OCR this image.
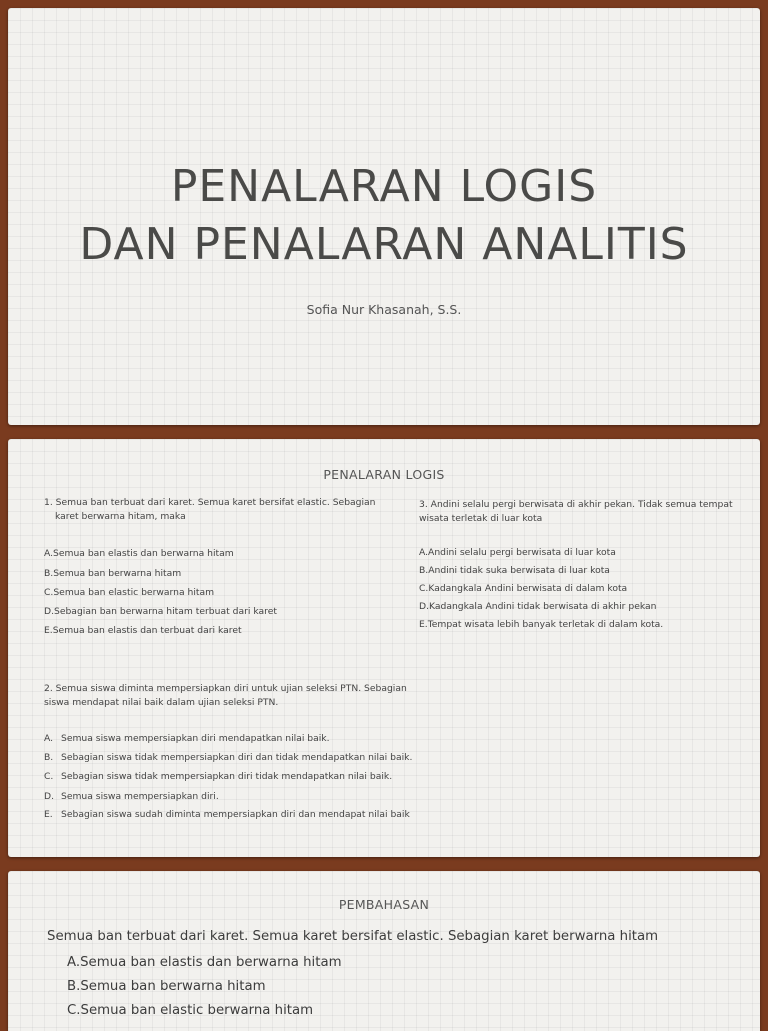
PENALARAN LOGIS
DAN PENALARAN ANALITIS
Sofia Nur Khasanah, S.S.
PENALARAN LOGIS
1. Semua ban terbuat dari karet. Semua karet bersifat elastic. Sebagian
karet berwarna hitam, maka
A.Semua ban elastis dan berwarna hitam
B.Semua ban berwarna hitam
C.Semua ban elastic berwarna hitam
D.Sebagian ban berwarna hitam terbuat dari karet
E.Semua ban elastis dan terbuat dari karet
3. Andini selalu pergi berwisata di akhir pekan. Tidak semua tempat
wisata terletak di luar kota
A.Andini selalu pergi berwisata di luar kota
B.Andini tidak suka berwisata di luar kota
C.Kadangkala Andini berwisata di dalam kota
D.Kadangkala Andini tidak berwisata di akhir pekan
E.Tempat wisata lebih banyak terletak di dalam kota.
2. Semua siswa diminta mempersiapkan diri untuk ujian seleksi PTN. Sebagian
siswa mendapat nilai baik dalam ujian seleksi PTN.
A. Semua siswa mempersiapkan diri mendapatkan nilai baik.
B. Sebagian siswa tidak mempersiapkan diri dan tidak mendapatkan nilai baik.
C. Sebagian siswa tidak mempersiapkan diri tidak mendapatkan nilai baik.
D. Semua siswa mempersiapkan diri.
E. Sebagian siswa sudah diminta mempersiapkan diri dan mendapat nilai baik
PEMBAHASAN
Semua ban terbuat dari karet. Semua karet bersifat elastic. Sebagian karet berwarna hitam
A.Semua ban elastis dan berwarna hitam
B.Semua ban berwarna hitam
C.Semua ban elastic berwarna hitam
